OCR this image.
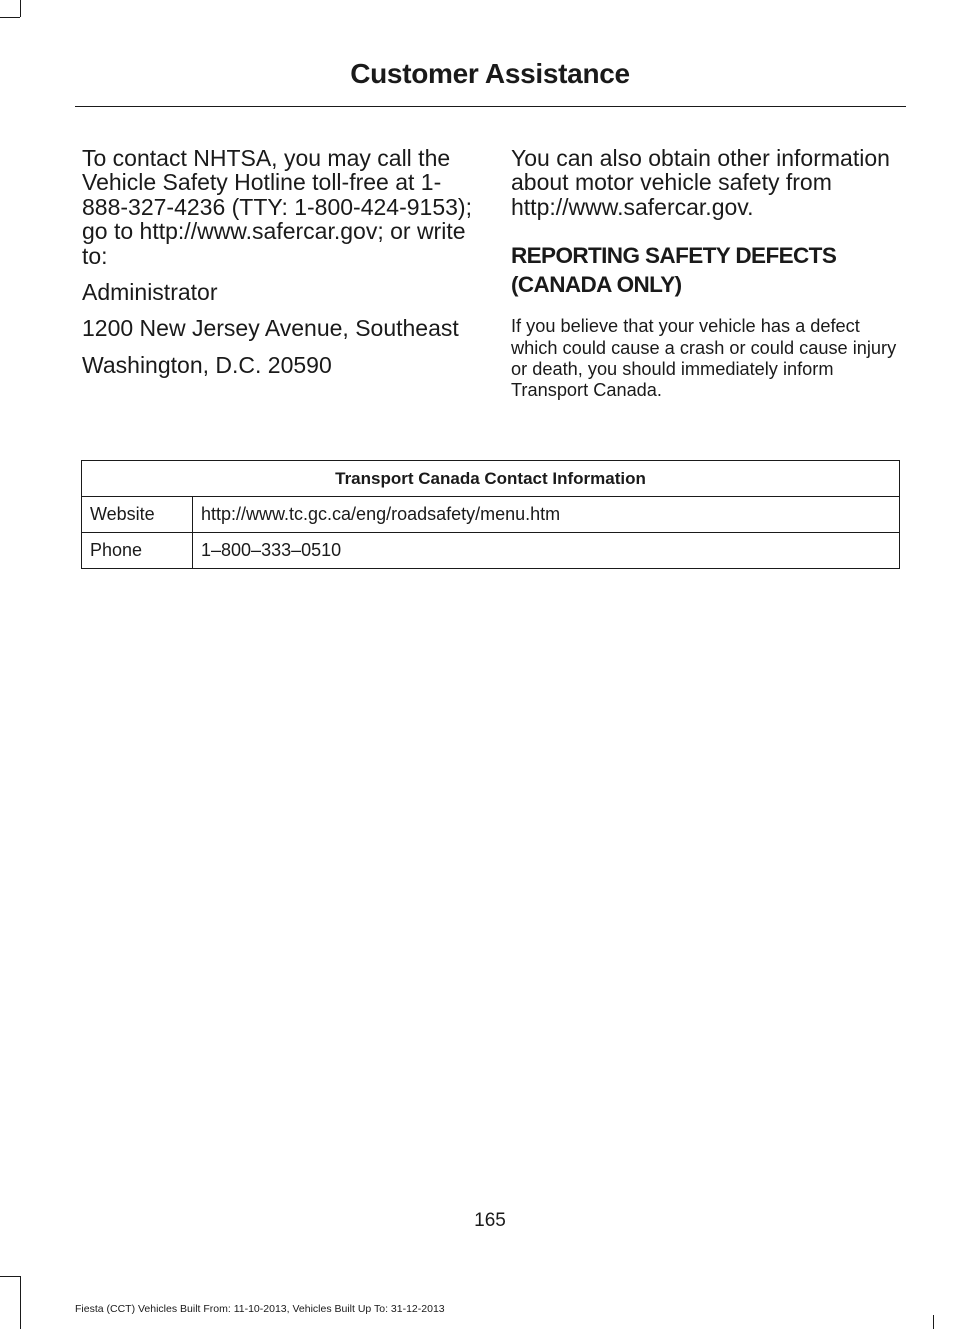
Customer Assistance

To contact NHTSA, you may call the Vehicle Safety Hotline toll-free at 1-888-327-4236 (TTY: 1-800-424-9153); go to http://www.safercar.gov; or write to:

Administrator

1200 New Jersey Avenue, Southeast

Washington, D.C. 20590

You can also obtain other information about motor vehicle safety from http://www.safercar.gov.

REPORTING SAFETY DEFECTS (CANADA ONLY)

If you believe that your vehicle has a defect which could cause a crash or could cause injury or death, you should immediately inform Transport Canada.

Transport Canada Contact Information	
Website	http://www.tc.gc.ca/eng/roadsafety/menu.htm
Phone	1–800–333–0510
165
Fiesta (CCT) Vehicles Built From: 11-10-2013, Vehicles Built Up To: 31-12-2013
